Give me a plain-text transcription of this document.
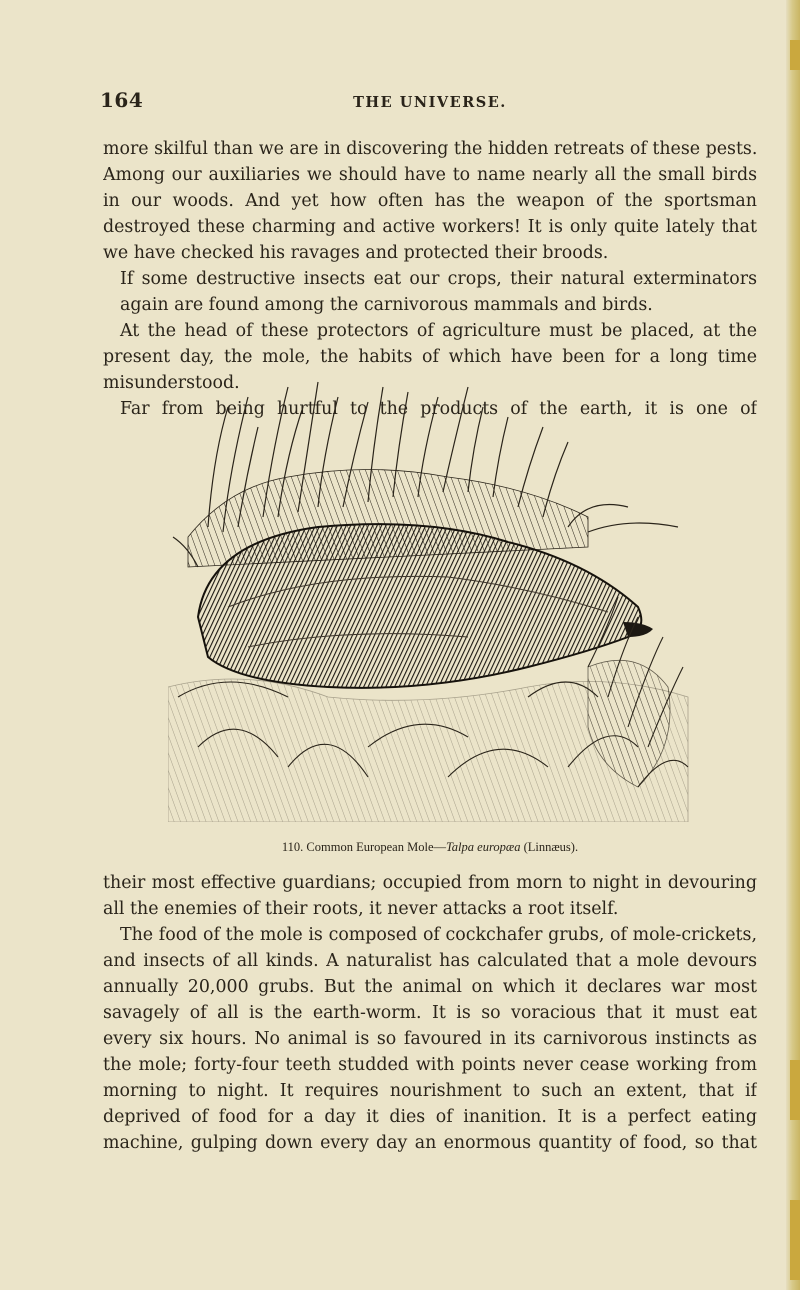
164	THE UNIVERSE.

more skilful than we are in discovering the hidden retreats of these pests.
Among our auxiliaries we should have to name nearly all the small birds
in our woods. And yet how often has the weapon of the sportsman
destroyed these charming and active workers! It is only quite lately that
we have checked his ravages and protected their broods.
If some destructive insects eat our crops, their natural exterminators
again are found among the carnivorous mammals and birds.
At the head of these protectors of agriculture must be placed, at the
present day, the mole, the habits of which have been for a long time
misunderstood.
Far from being hurtful to the products of the earth, it is one of

110. Common European Mole—Talpa europæa (Linnæus).

their most effective guardians; occupied from morn to night in devouring
all the enemies of their roots, it never attacks a root itself.
The food of the mole is composed of cockchafer grubs, of mole-crickets,
and insects of all kinds. A naturalist has calculated that a mole devours
annually 20,000 grubs. But the animal on which it declares war most
savagely of all is the earth-worm. It is so voracious that it must eat
every six hours. No animal is so favoured in its carnivorous instincts as
the mole; forty-four teeth studded with points never cease working from
morning to night. It requires nourishment to such an extent, that if
deprived of food for a day it dies of inanition. It is a perfect eating
machine, gulping down every day an enormous quantity of food, so that
